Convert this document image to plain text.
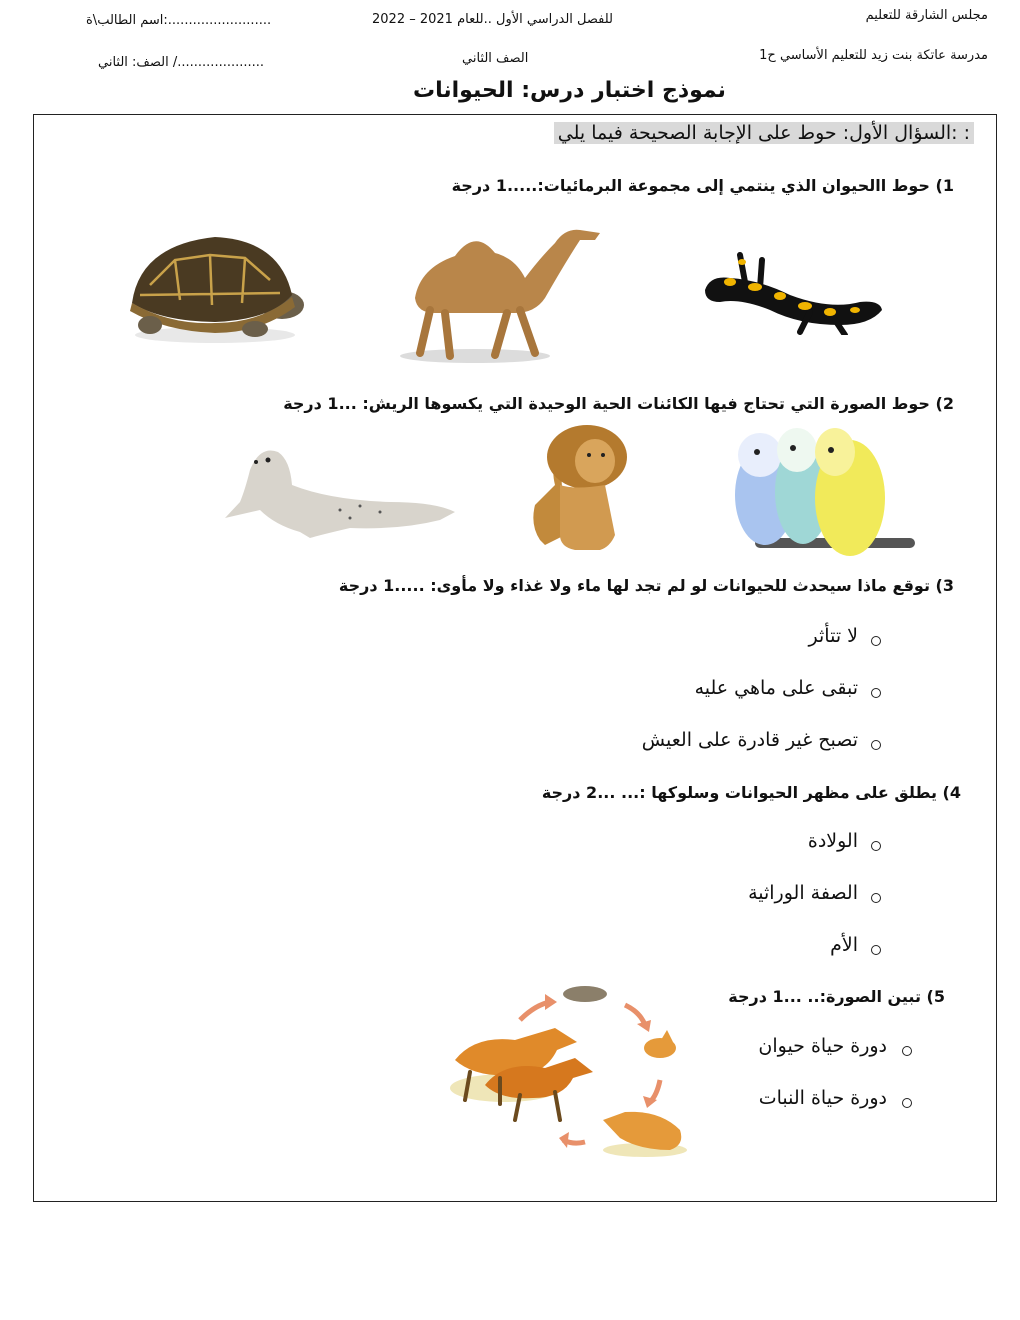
مجلس الشارقة للتعليم
مدرسة عاتكة بنت زيد للتعليم الأساسي ح1
للفصل الدراسي الأول ..للعام 2021 – 2022
الصف الثاني
اسم الطالب\ة:.........................
الصف: الثاني /.....................
نموذج اختبار درس: الحيوانات
السؤال الأول: حوط على الإجابة الصحيحة فيما يلي: :
1) حوط االحيوان الذي ينتمي إلى مجموعة البرمائيات:.....1 درجة
2) حوط الصورة التي تحتاج فيها الكائنات الحية الوحيدة التي يكسوها الريش: ...1 درجة
3) توقع ماذا سيحدث للحيوانات لو لم تجد لها ماء ولا غذاء ولا مأوى: .....1 درجة
لا تتأثر
تبقى على ماهي عليه
تصبح غير قادرة على العيش
4) يطلق على مظهر الحيوانات وسلوكها :... ...2 درجة
الولادة
الصفة الوراثية
الأم
5) تبين الصورة:.. ...1 درجة
دورة حياة حيوان
دورة حياة النبات
